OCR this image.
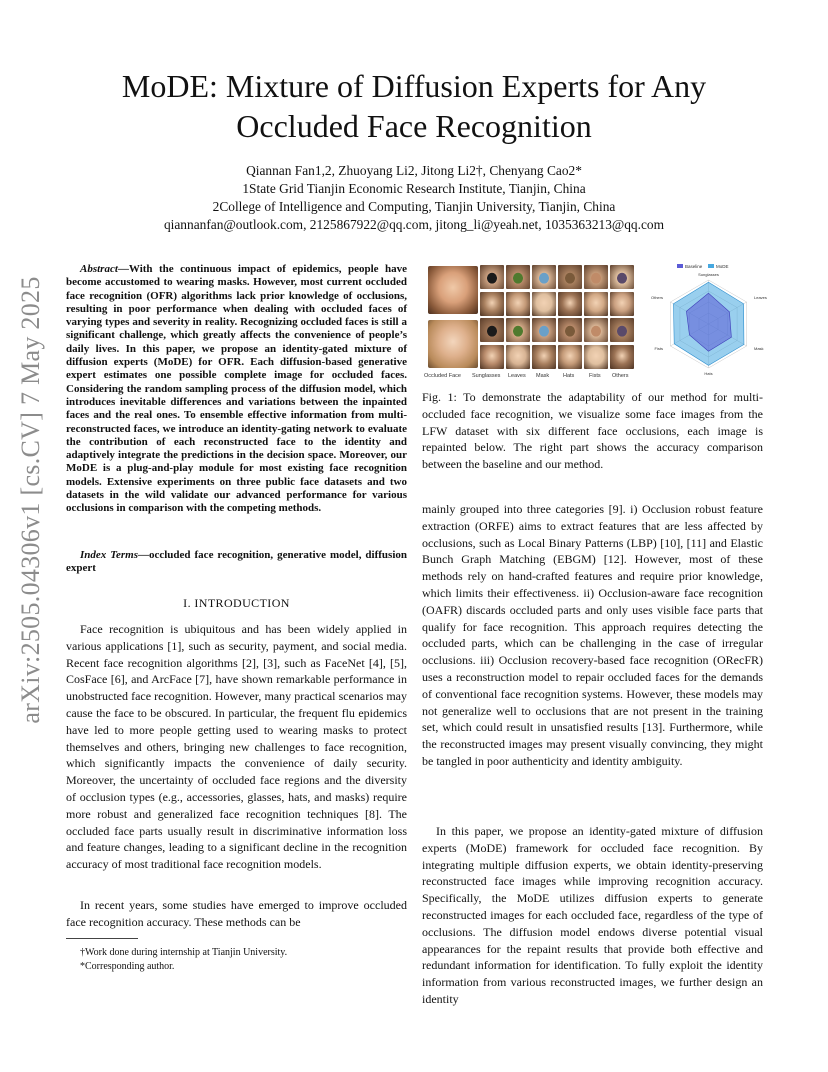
arXiv:2505.04306v1 [cs.CV] 7 May 2025
MoDE: Mixture of Diffusion Experts for Any
Occluded Face Recognition
Qiannan Fan1,2, Zhuoyang Li2, Jitong Li2†, Chenyang Cao2*
1State Grid Tianjin Economic Research Institute, Tianjin, China
2College of Intelligence and Computing, Tianjin University, Tianjin, China
qiannanfan@outlook.com, 2125867922@qq.com, jitong_li@yeah.net, 1035363213@qq.com

Abstract—With the continuous impact of epidemics, people have become accustomed to wearing masks. However, most current occluded face recognition (OFR) algorithms lack prior knowledge of occlusions, resulting in poor performance when dealing with occluded faces of varying types and severity in reality. Recognizing occluded faces is still a significant challenge, which greatly affects the convenience of people’s daily lives. In this paper, we propose an identity-gated mixture of diffusion experts (MoDE) for OFR. Each diffusion-based generative expert estimates one possible complete image for occluded faces. Considering the random sampling process of the diffusion model, which introduces inevitable differences and variations between the inpainted faces and the real ones. To ensemble effective information from multi-reconstructed faces, we introduce an identity-gating network to evaluate the contribution of each reconstructed face to the identity and adaptively integrate the predictions in the decision space. Moreover, our MoDE is a plug-and-play module for most existing face recognition models. Extensive experiments on three public face datasets and two datasets in the wild validate our advanced performance for various occlusions in comparison with the competing methods.

Index Terms—occluded face recognition, generative model, diffusion expert

I. INTRODUCTION

Face recognition is ubiquitous and has been widely applied in various applications [1], such as security, payment, and social media. Recent face recognition algorithms [2], [3], such as FaceNet [4], [5], CosFace [6], and ArcFace [7], have shown remarkable performance in unobstructed face recognition. However, many practical scenarios may cause the face to be obscured. In particular, the frequent flu epidemics have led to more people getting used to wearing masks to protect themselves and others, bringing new challenges to face recognition, which significantly impacts the convenience of daily security. Moreover, the uncertainty of occluded face regions and the diversity of occlusion types (e.g., accessories, glasses, hats, and masks) require more robust and generalized face recognition techniques [8]. The occluded face parts usually result in discriminative information loss and feature changes, leading to a significant decline in the recognition accuracy of most traditional face recognition models.

In recent years, some studies have emerged to improve occluded face recognition accuracy. These methods can be

†Work done during internship at Tianjin University.
*Corresponding author.
Occluded Face Sunglasses Leaves Mask	Hats	Fists Others
Baseline	MoDE
Sunglasses
Leaves
Mask
Hats
Fists
Others
Fig. 1: To demonstrate the adaptability of our method for multi-occluded face recognition, we visualize some face images from the LFW dataset with six different face occlusions, each image is repainted below. The right part shows the accuracy comparison between the baseline and our method.

mainly grouped into three categories [9]. i) Occlusion robust feature extraction (ORFE) aims to extract features that are less affected by occlusions, such as Local Binary Patterns (LBP) [10], [11] and Elastic Bunch Graph Matching (EBGM) [12]. However, most of these methods rely on hand-crafted features and require prior knowledge, which limits their effectiveness. ii) Occlusion-aware face recognition (OAFR) discards occluded parts and only uses visible face parts that qualify for face recognition. This approach requires detecting the occluded parts, which can be challenging in the case of irregular occlusions. iii) Occlusion recovery-based face recognition (ORecFR) uses a reconstruction model to repair occluded faces for the demands of conventional face recognition systems. However, these models may not generalize well to occlusions that are not present in the training set, which could result in unsatisfied results [13]. Furthermore, while the reconstructed images may present visually convincing, they might be tangled in poor authenticity and identity ambiguity.

In this paper, we propose an identity-gated mixture of diffusion experts (MoDE) framework for occluded face recognition. By integrating multiple diffusion experts, we obtain identity-preserving reconstructed face images while improving recognition accuracy. Specifically, the MoDE utilizes diffusion experts to generate reconstructed images for each occluded face, regardless of the type of occlusions. The diffusion model endows diverse potential visual appearances for the repaint results that provide both effective and redundant information for identification. To fully exploit the identity information from various reconstructed images, we further design an identity
